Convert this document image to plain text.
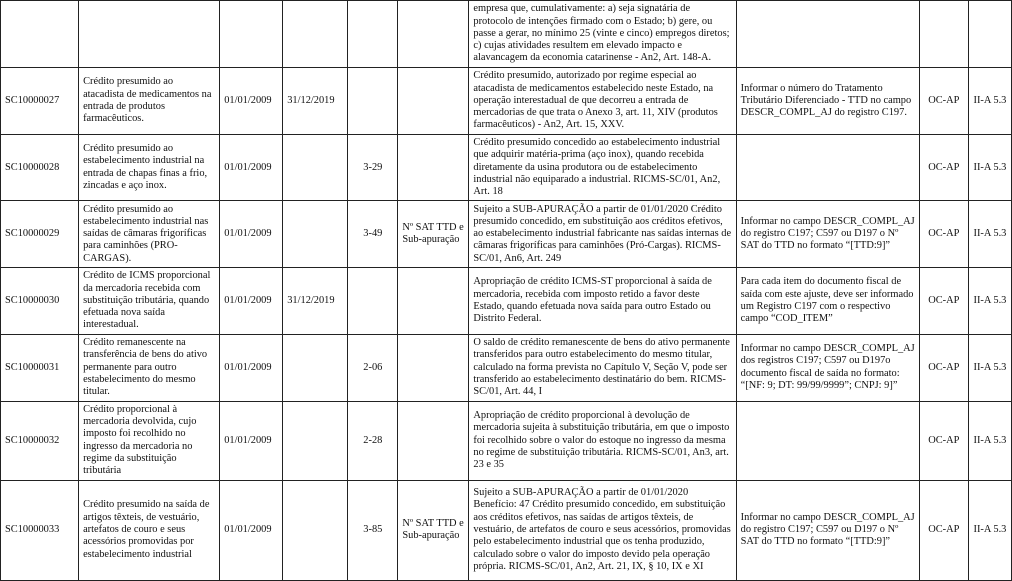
						empresa que, cumulativamente: a) seja signatária de protocolo de intenções firmado com o Estado; b) gere, ou passe a gerar, no mínimo 25 (vinte e cinco) empregos diretos; c) cujas atividades resultem em elevado impacto e alavancagem da economia catarinense - An2, Art. 148-A.			
SC10000027	Crédito presumido ao atacadista de medicamentos na entrada de produtos farmacêuticos.	01/01/2009	31/12/2019			Crédito presumido, autorizado por regime especial ao atacadista de medicamentos estabelecido neste Estado, na operação interestadual de que decorreu a entrada de mercadorias de que trata o Anexo 3, art. 11, XIV (produtos farmacêuticos) - An2, Art. 15, XXV.	Informar o número do Tratamento Tributário Diferenciado - TTD no campo DESCR_COMPL_AJ do registro C197.	OC-AP	II-A 5.3
SC10000028	Crédito presumido ao estabelecimento industrial na entrada de chapas finas a frio, zincadas e aço inox.	01/01/2009		3-29		Crédito presumido concedido ao estabelecimento industrial que adquirir matéria-prima (aço inox), quando recebida diretamente da usina produtora ou de estabelecimento industrial não equiparado a industrial. RICMS-SC/01, An2, Art. 18		OC-AP	II-A 5.3
SC10000029	Crédito presumido ao estabelecimento industrial nas saídas de câmaras frigoríficas para caminhões (PRO-CARGAS).	01/01/2009		3-49	Nº SAT TTD e Sub-apuração	Sujeito a SUB-APURAÇÃO a partir de 01/01/2020 Crédito presumido concedido, em substituição aos créditos efetivos, ao estabelecimento industrial fabricante nas saídas internas de câmaras frigoríficas para caminhões (Pró-Cargas). RICMS-SC/01, An6, Art. 249	Informar no campo DESCR_COMPL_AJ do registro C197; C597 ou D197 o Nº SAT do TTD no formato “[TTD:9]”	OC-AP	II-A 5.3
SC10000030	Crédito de ICMS proporcional da mercadoria recebida com substituição tributária, quando efetuada nova saída interestadual.	01/01/2009	31/12/2019			Apropriação de crédito ICMS-ST proporcional à saída de mercadoria, recebida com imposto retido a favor deste Estado, quando efetuada nova saída para outro Estado ou Distrito Federal.	Para cada item do documento fiscal de saída com este ajuste, deve ser informado um Registro C197 com o respectivo campo “COD_ITEM”	OC-AP	II-A 5.3
SC10000031	Crédito remanescente na transferência de bens do ativo permanente para outro estabelecimento do mesmo titular.	01/01/2009		2-06		O saldo de crédito remanescente de bens do ativo permanente transferidos para outro estabelecimento do mesmo titular, calculado na forma prevista no Capítulo V, Seção V, pode ser transferido ao estabelecimento destinatário do bem. RICMS- SC/01, Art. 44, I	Informar no campo DESCR_COMPL_AJ dos registros C197; C597 ou D197o documento fiscal de saída no formato: “[NF: 9; DT: 99/99/9999”; CNPJ: 9]”	OC-AP	II-A 5.3
SC10000032	Crédito proporcional à mercadoria devolvida, cujo imposto foi recolhido no ingresso da mercadoria no regime da substituição tributária	01/01/2009		2-28		Apropriação de crédito proporcional à devolução de mercadoria sujeita à substituição tributária, em que o imposto foi recolhido sobre o valor do estoque no ingresso da mesma no regime de substituição tributária. RICMS-SC/01, An3, art. 23 e 35		OC-AP	II-A 5.3
SC10000033	Crédito presumido na saída de artigos têxteis, de vestuário, artefatos de couro e seus acessórios promovidas por estabelecimento industrial	01/01/2009		3-85	Nº SAT TTD e Sub-apuração	Sujeito a SUB-APURAÇÃO a partir de 01/01/2020 Benefício: 47 Crédito presumido concedido, em substituição aos créditos efetivos, nas saídas de artigos têxteis, de vestuário, de artefatos de couro e seus acessórios, promovidas pelo estabelecimento industrial que os tenha produzido, calculado sobre o valor do imposto devido pela operação própria. RICMS-SC/01, An2, Art. 21, IX, § 10, IX e XI	Informar no campo DESCR_COMPL_AJ do registro C197; C597 ou D197 o Nº SAT do TTD no formato “[TTD:9]”	OC-AP	II-A 5.3
